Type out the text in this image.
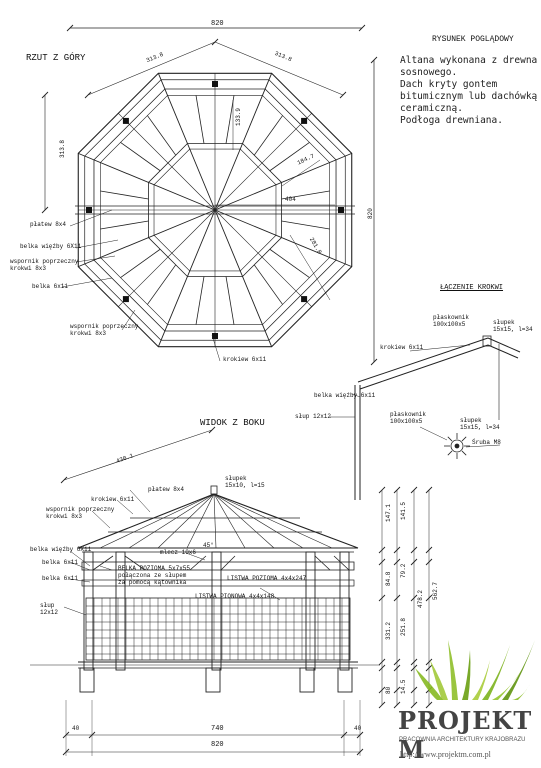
RZUT Z GÓRY
820
313.8	313.8
313.8
820
133.9
184.7
404
281.8
płatew 8x4
belka więźby 6X11
wspornik poprzeczny
krokwi 8x3
belka 6x11
wspornik poprzeczny
krokwi 8x3
krokiew 6x11
RYSUNEK POGLĄDOWY
Altana wykonana z drewna
sosnowego.
Dach kryty gontem
bitumicznym lub dachówką
ceramiczną.
Podłoga drewniana.
ŁĄCZENIE KROKWI
płaskownik
100x100x5	słupek
15x15, l=34
krokiew 6x11
belka więźby 6x11
słup 12x12	płaskownik
100x100x5	słupek
15x15, l=34
Śruba M8
WIDOK Z BOKU
430.1
słupek
15x10, l=15
płatew 8x4
krokiew 6x11
wspornik poprzeczny
krokwi 8x3
belka więźby 6X11
belka 6x11
belka 6x11
słup
12x12
mlecz 10x6
45°
BELKA POZIOMA 5x7x55
połączona ze słupem
za pomocą kątownika
LISTWA POZIOMA 4x4x247
LISTWA PIONOWA 4x4x148
820
740
40	40
147.1 141.5
84.8
79.2
251.8
331.2
478.2 562.7
80 14.5
PROJEKT M
PRACOWNIA ARCHITEKTURY KRAJOBRAZU
http://www.projektm.com.pl
